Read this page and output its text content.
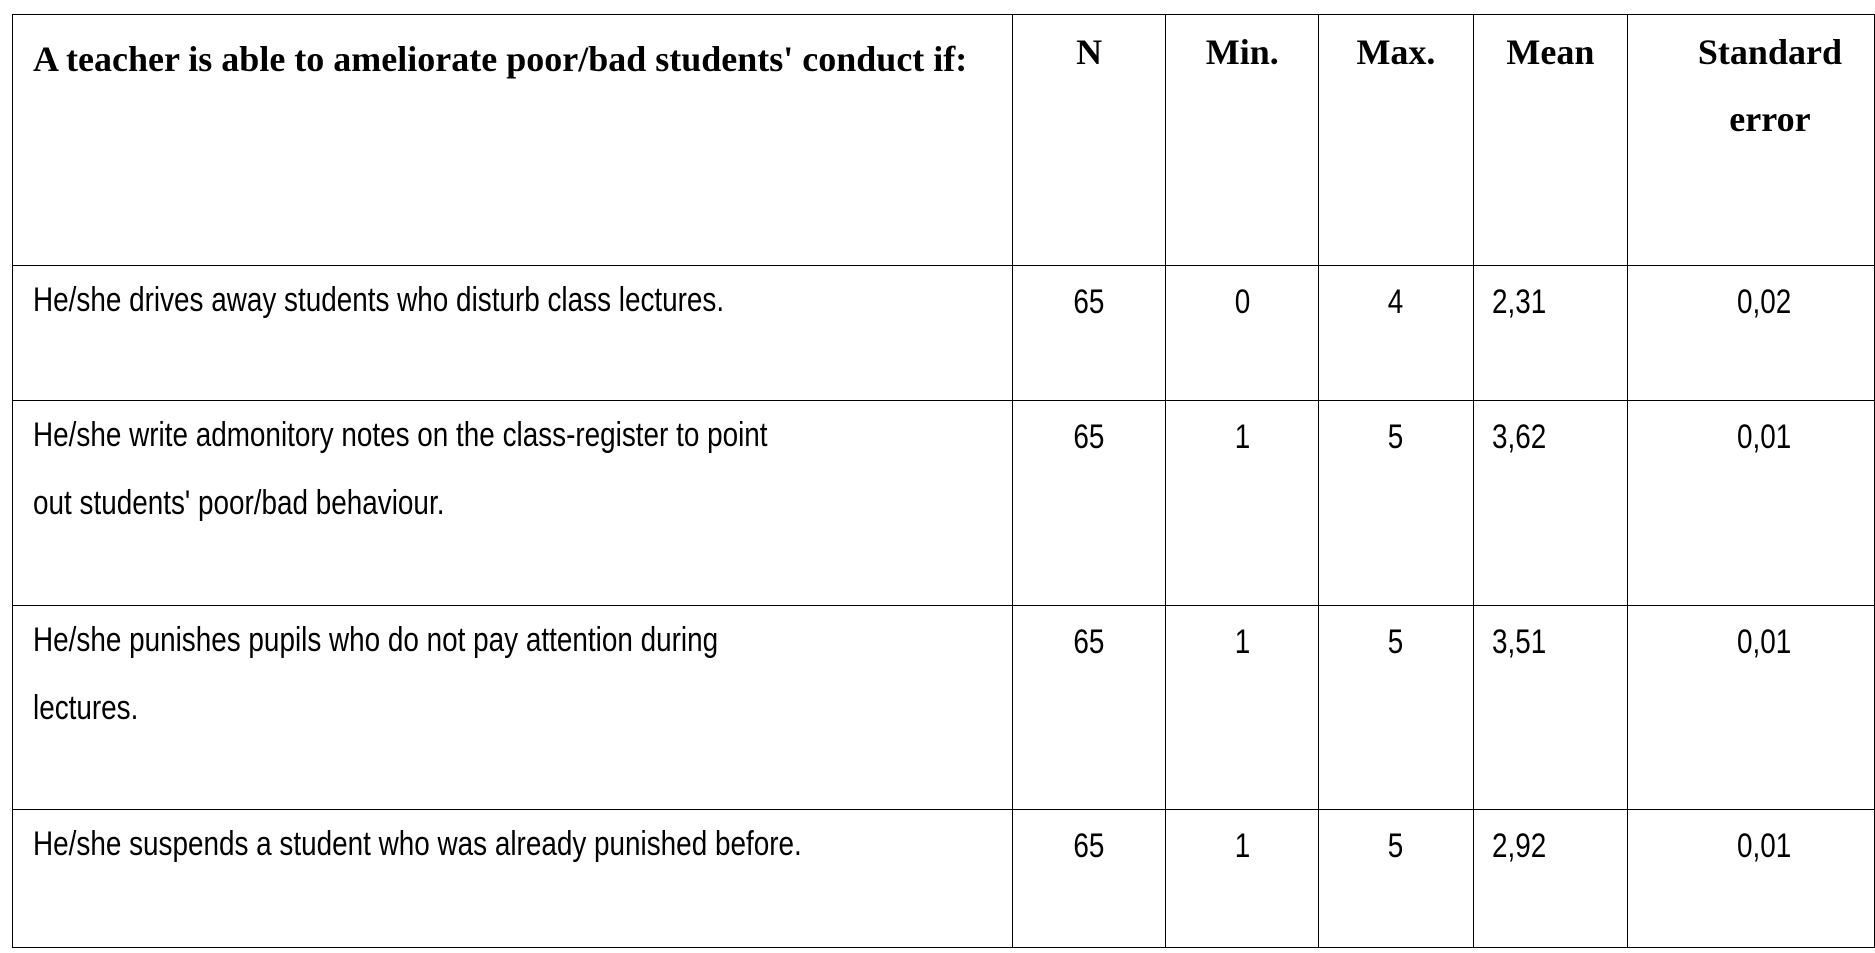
A teacher is able to ameliorate poor/bad students' conduct if:	N	Min.	Max.	Mean	Standard error

He/she drives away students who disturb class lectures.	65	0	4	2,31	0,02

He/she write admonitory notes on the class-register to point
out students' poor/bad behaviour.	65	1	5	3,62	0,01

He/she punishes pupils who do not pay attention during
lectures.	65	1	5	3,51	0,01

He/she suspends a student who was already punished before.	65	1	5	2,92	0,01
